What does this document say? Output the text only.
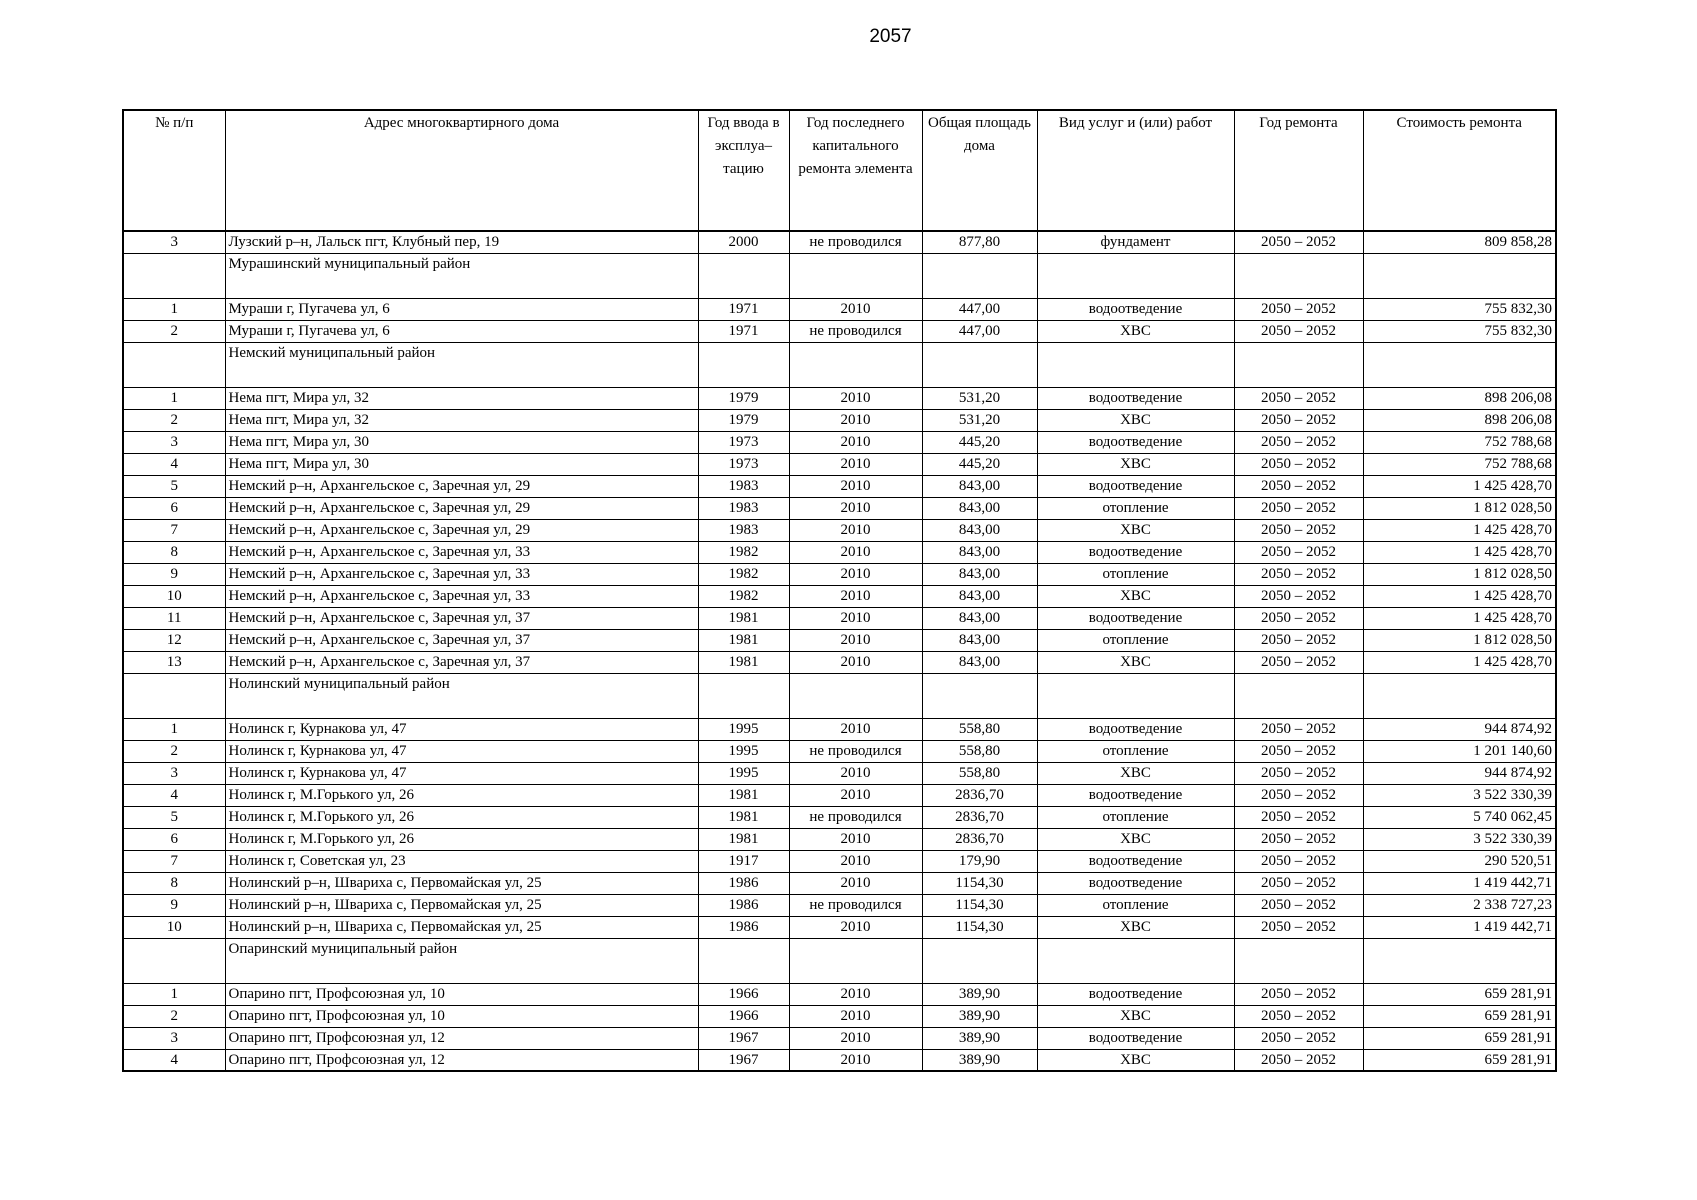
2057
№ п/п	Адрес многоквартирного дома	Год ввода в эксплуа– тацию	Год последнего капитального ремонта элемента	Общая площадь дома	Вид услуг и (или) работ	Год ремонта	Стоимость ремонта
3	Лузский р–н, Лальск пгт, Клубный пер, 19	2000	не проводился	877,80	фундамент	2050 – 2052	809 858,28
	Мурашинский муниципальный район						
1	Мураши г, Пугачева ул, 6	1971	2010	447,00	водоотведение	2050 – 2052	755 832,30
2	Мураши г, Пугачева ул, 6	1971	не проводился	447,00	ХВС	2050 – 2052	755 832,30
	Немский муниципальный район						
1	Нема пгт, Мира ул, 32	1979	2010	531,20	водоотведение	2050 – 2052	898 206,08
2	Нема пгт, Мира ул, 32	1979	2010	531,20	ХВС	2050 – 2052	898 206,08
3	Нема пгт, Мира ул, 30	1973	2010	445,20	водоотведение	2050 – 2052	752 788,68
4	Нема пгт, Мира ул, 30	1973	2010	445,20	ХВС	2050 – 2052	752 788,68
5	Немский р–н, Архангельское с, Заречная ул, 29	1983	2010	843,00	водоотведение	2050 – 2052	1 425 428,70
6	Немский р–н, Архангельское с, Заречная ул, 29	1983	2010	843,00	отопление	2050 – 2052	1 812 028,50
7	Немский р–н, Архангельское с, Заречная ул, 29	1983	2010	843,00	ХВС	2050 – 2052	1 425 428,70
8	Немский р–н, Архангельское с, Заречная ул, 33	1982	2010	843,00	водоотведение	2050 – 2052	1 425 428,70
9	Немский р–н, Архангельское с, Заречная ул, 33	1982	2010	843,00	отопление	2050 – 2052	1 812 028,50
10	Немский р–н, Архангельское с, Заречная ул, 33	1982	2010	843,00	ХВС	2050 – 2052	1 425 428,70
11	Немский р–н, Архангельское с, Заречная ул, 37	1981	2010	843,00	водоотведение	2050 – 2052	1 425 428,70
12	Немский р–н, Архангельское с, Заречная ул, 37	1981	2010	843,00	отопление	2050 – 2052	1 812 028,50
13	Немский р–н, Архангельское с, Заречная ул, 37	1981	2010	843,00	ХВС	2050 – 2052	1 425 428,70
	Нолинский муниципальный район						
1	Нолинск г, Курнакова ул, 47	1995	2010	558,80	водоотведение	2050 – 2052	944 874,92
2	Нолинск г, Курнакова ул, 47	1995	не проводился	558,80	отопление	2050 – 2052	1 201 140,60
3	Нолинск г, Курнакова ул, 47	1995	2010	558,80	ХВС	2050 – 2052	944 874,92
4	Нолинск г, М.Горького ул, 26	1981	2010	2836,70	водоотведение	2050 – 2052	3 522 330,39
5	Нолинск г, М.Горького ул, 26	1981	не проводился	2836,70	отопление	2050 – 2052	5 740 062,45
6	Нолинск г, М.Горького ул, 26	1981	2010	2836,70	ХВС	2050 – 2052	3 522 330,39
7	Нолинск г, Советская ул, 23	1917	2010	179,90	водоотведение	2050 – 2052	290 520,51
8	Нолинский р–н, Швариха с, Первомайская ул, 25	1986	2010	1154,30	водоотведение	2050 – 2052	1 419 442,71
9	Нолинский р–н, Швариха с, Первомайская ул, 25	1986	не проводился	1154,30	отопление	2050 – 2052	2 338 727,23
10	Нолинский р–н, Швариха с, Первомайская ул, 25	1986	2010	1154,30	ХВС	2050 – 2052	1 419 442,71
	Опаринский муниципальный район						
1	Опарино пгт, Профсоюзная ул, 10	1966	2010	389,90	водоотведение	2050 – 2052	659 281,91
2	Опарино пгт, Профсоюзная ул, 10	1966	2010	389,90	ХВС	2050 – 2052	659 281,91
3	Опарино пгт, Профсоюзная ул, 12	1967	2010	389,90	водоотведение	2050 – 2052	659 281,91
4	Опарино пгт, Профсоюзная ул, 12	1967	2010	389,90	ХВС	2050 – 2052	659 281,91
